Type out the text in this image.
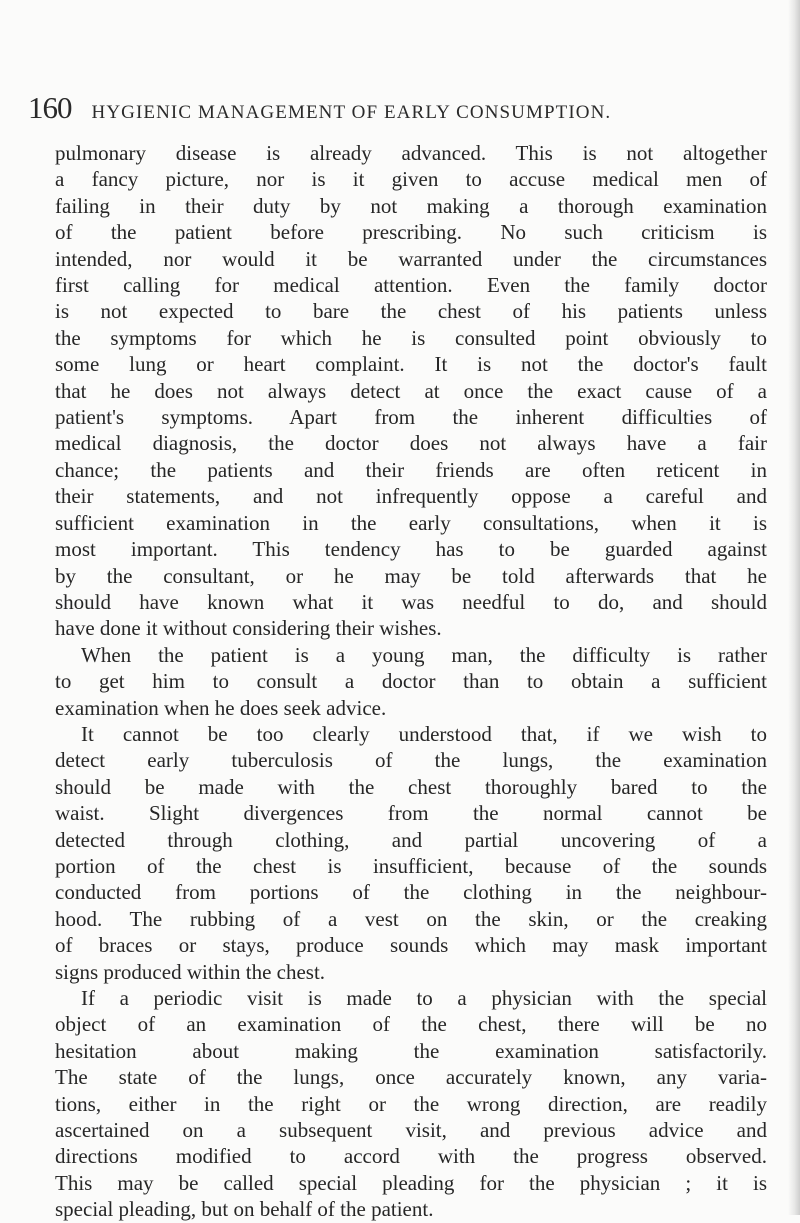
160 HYGIENIC MANAGEMENT OF EARLY CONSUMPTION.
pulmonary disease is already advanced. This is not altogether
a fancy picture, nor is it given to accuse medical men of
failing in their duty by not making a thorough examination
of the patient before prescribing. No such criticism is
intended, nor would it be warranted under the circumstances
first calling for medical attention. Even the family doctor
is not expected to bare the chest of his patients unless
the symptoms for which he is consulted point obviously to
some lung or heart complaint. It is not the doctor's fault
that he does not always detect at once the exact cause of a
patient's symptoms. Apart from the inherent difficulties of
medical diagnosis, the doctor does not always have a fair
chance; the patients and their friends are often reticent in
their statements, and not infrequently oppose a careful and
sufficient examination in the early consultations, when it is
most important. This tendency has to be guarded against
by the consultant, or he may be told afterwards that he
should have known what it was needful to do, and should
have done it without considering their wishes.
When the patient is a young man, the difficulty is rather
to get him to consult a doctor than to obtain a sufficient
examination when he does seek advice.
It cannot be too clearly understood that, if we wish to
detect early tuberculosis of the lungs, the examination
should be made with the chest thoroughly bared to the
waist. Slight divergences from the normal cannot be
detected through clothing, and partial uncovering of a
portion of the chest is insufficient, because of the sounds
conducted from portions of the clothing in the neighbour-
hood. The rubbing of a vest on the skin, or the creaking
of braces or stays, produce sounds which may mask important
signs produced within the chest.
If a periodic visit is made to a physician with the special
object of an examination of the chest, there will be no
hesitation about making the examination satisfactorily.
The state of the lungs, once accurately known, any varia-
tions, either in the right or the wrong direction, are readily
ascertained on a subsequent visit, and previous advice and
directions modified to accord with the progress observed.
This may be called special pleading for the physician ; it is
special pleading, but on behalf of the patient.
